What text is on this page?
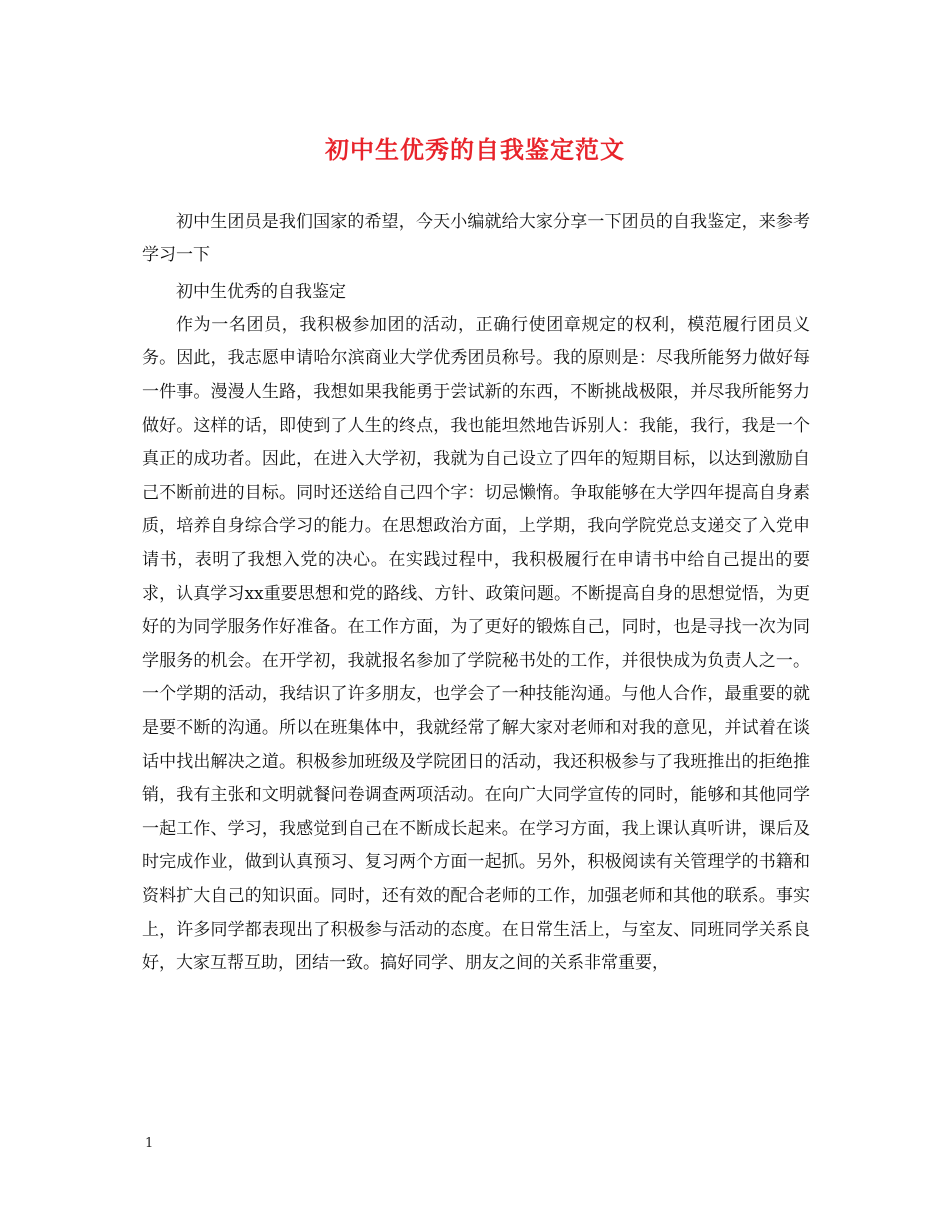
初中生优秀的自我鉴定范文

初中生团员是我们国家的希望，今天小编就给大家分享一下团员的自我鉴定，来参考学习一下

初中生优秀的自我鉴定

作为一名团员，我积极参加团的活动，正确行使团章规定的权利，模范履行团员义务。因此，我志愿申请哈尔滨商业大学优秀团员称号。我的原则是：尽我所能努力做好每一件事。漫漫人生路，我想如果我能勇于尝试新的东西，不断挑战极限，并尽我所能努力做好。这样的话，即使到了人生的终点，我也能坦然地告诉别人：我能，我行，我是一个真正的成功者。因此，在进入大学初，我就为自己设立了四年的短期目标，以达到激励自己不断前进的目标。同时还送给自己四个字：切忌懒惰。争取能够在大学四年提高自身素质，培养自身综合学习的能力。在思想政治方面，上学期，我向学院党总支递交了入党申请书，表明了我想入党的决心。在实践过程中，我积极履行在申请书中给自己提出的要求，认真学习xx重要思想和党的路线、方针、政策问题。不断提高自身的思想觉悟，为更好的为同学服务作好准备。在工作方面，为了更好的锻炼自己，同时，也是寻找一次为同学服务的机会。在开学初，我就报名参加了学院秘书处的工作，并很快成为负责人之一。一个学期的活动，我结识了许多朋友，也学会了一种技能沟通。与他人合作，最重要的就是要不断的沟通。所以在班集体中，我就经常了解大家对老师和对我的意见，并试着在谈话中找出解决之道。积极参加班级及学院团日的活动，我还积极参与了我班推出的拒绝推销，我有主张和文明就餐问卷调查两项活动。在向广大同学宣传的同时，能够和其他同学一起工作、学习，我感觉到自己在不断成长起来。在学习方面，我上课认真听讲，课后及时完成作业，做到认真预习、复习两个方面一起抓。另外，积极阅读有关管理学的书籍和资料扩大自己的知识面。同时，还有效的配合老师的工作，加强老师和其他的联系。事实上，许多同学都表现出了积极参与活动的态度。在日常生活上，与室友、同班同学关系良好，大家互帮互助，团结一致。搞好同学、朋友之间的关系非常重要，

1
